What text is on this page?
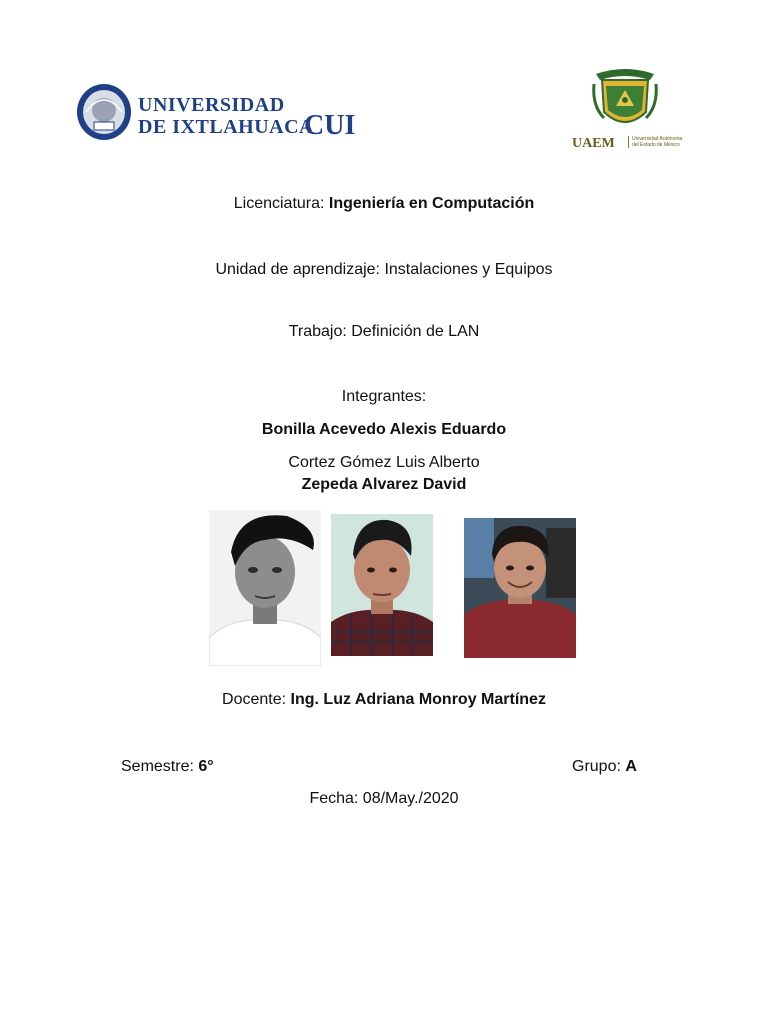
UNIVERSIDAD
DE IXTLAHUACA
CUI
UAEM	Universidad Autónoma
del Estado de México
Licenciatura: Ingeniería en Computación
Unidad de aprendizaje: Instalaciones y Equipos
Trabajo: Definición de LAN
Integrantes:
Bonilla Acevedo Alexis Eduardo
Cortez Gómez Luis Alberto
Zepeda Alvarez David
Docente: Ing. Luz Adriana Monroy Martínez
Semestre: 6°	Grupo: A
Fecha: 08/May./2020
